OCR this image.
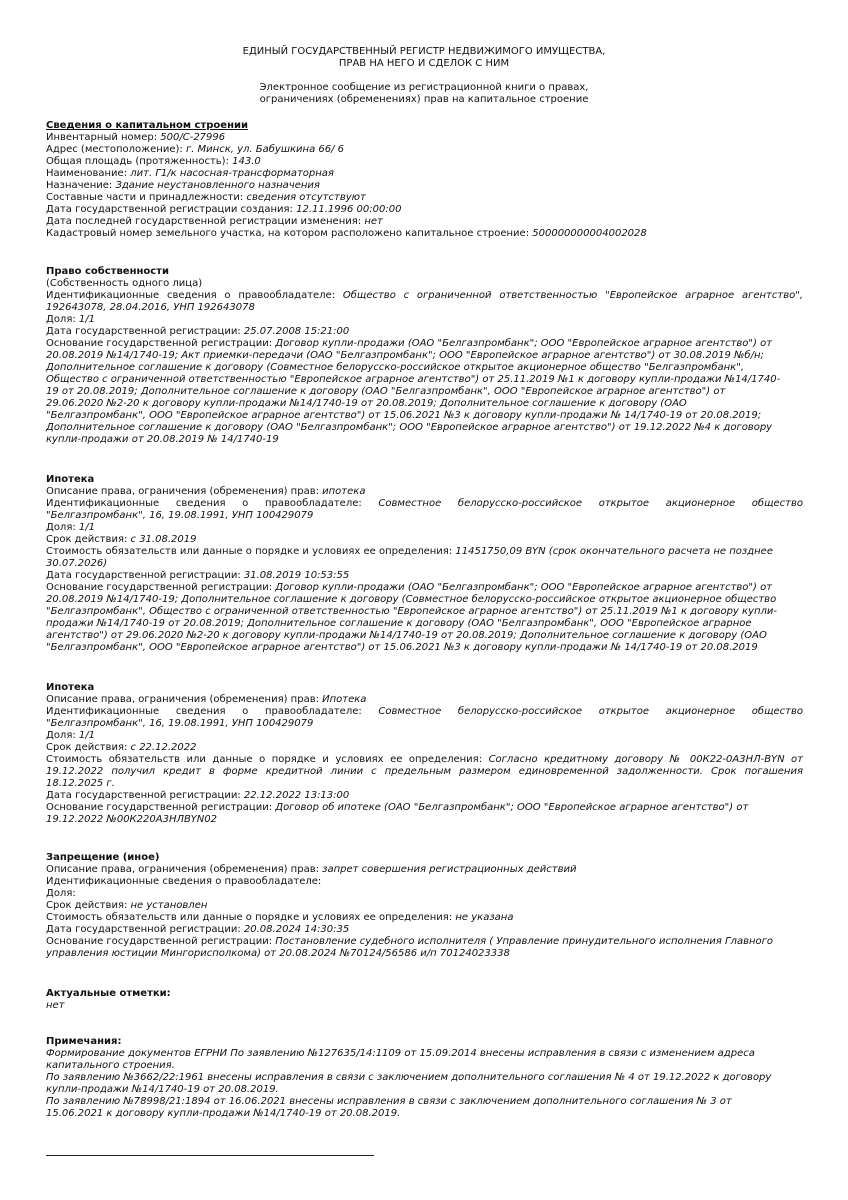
ЕДИНЫЙ ГОСУДАРСТВЕННЫЙ РЕГИСТР НЕДВИЖИМОГО ИМУЩЕСТВА,
ПРАВ НА НЕГО И СДЕЛОК С НИМ
Электронное сообщение из регистрационной книги о правах,
ограничениях (обременениях) прав на капитальное строение
Сведения о капитальном строении
Инвентарный номер: 500/C-27996
Адрес (местоположение): г. Минск, ул. Бабушкина 66/ 6
Общая площадь (протяженность): 143.0
Наименование: лит. Г1/к насосная-трансформаторная
Назначение: Здание неустановленного назначения
Составные части и принадлежности: сведения отсутствуют
Дата государственной регистрации создания: 12.11.1996 00:00:00
Дата последней государственной регистрации изменения: нет
Кадастровый номер земельного участка, на котором расположено капитальное строение: 500000000004002028
Право собственности
(Собственность одного лица)
Идентификационные сведения о правообладателе: Общество с ограниченной ответственностью "Европейское аграрное агентство",
192643078, 28.04.2016, УНП 192643078
Доля: 1/1
Дата государственной регистрации: 25.07.2008 15:21:00
Основание государственной регистрации: Договор купли-продажи (ОАО "Белгазпромбанк"; ООО "Европейское аграрное агентство") от
20.08.2019 №14/1740-19; Акт приемки-передачи (ОАО "Белгазпромбанк"; ООО "Европейское аграрное агентство") от 30.08.2019 №б/н;
Дополнительное соглашение к договору (Совместное белорусско-российское открытое акционерное общество "Белгазпромбанк",
Общество с ограниченной ответственностью "Европейское аграрное агентство") от 25.11.2019 №1 к договору купли-продажи №14/1740-
19 от 20.08.2019; Дополнительное соглашение к договору (ОАО "Белгазпромбанк", ООО "Европейское аграрное агентство") от
29.06.2020 №2-20 к договору купли-продажи №14/1740-19 от 20.08.2019; Дополнительное соглашение к договору (ОАО
"Белгазпромбанк", ООО "Европейское аграрное агентство") от 15.06.2021 №3 к договору купли-продажи № 14/1740-19 от 20.08.2019;
Дополнительное соглашение к договору (ОАО "Белгазпромбанк"; ООО "Европейское аграрное агентство") от 19.12.2022 №4 к договору
купли-продажи от 20.08.2019 № 14/1740-19
Ипотека
Описание права, ограничения (обременения) прав: ипотека
Идентификационные сведения о правообладателе: Совместное белорусско-российское открытое акционерное общество
"Белгазпромбанк", 16, 19.08.1991, УНП 100429079
Доля: 1/1
Срок действия: с 31.08.2019
Стоимость обязательств или данные о порядке и условиях ее определения: 11451750,09 BYN (срок окончательного расчета не позднее
30.07.2026)
Дата государственной регистрации: 31.08.2019 10:53:55
Основание государственной регистрации: Договор купли-продажи (ОАО "Белгазпромбанк"; ООО "Европейское аграрное агентство") от
20.08.2019 №14/1740-19; Дополнительное соглашение к договору (Совместное белорусско-российское открытое акционерное общество
"Белгазпромбанк", Общество с ограниченной ответственностью "Европейское аграрное агентство") от 25.11.2019 №1 к договору купли-
продажи №14/1740-19 от 20.08.2019; Дополнительное соглашение к договору (ОАО "Белгазпромбанк", ООО "Европейское аграрное
агентство") от 29.06.2020 №2-20 к договору купли-продажи №14/1740-19 от 20.08.2019; Дополнительное соглашение к договору (ОАО
"Белгазпромбанк", ООО "Европейское аграрное агентство") от 15.06.2021 №3 к договору купли-продажи № 14/1740-19 от 20.08.2019
Ипотека
Описание права, ограничения (обременения) прав: Ипотека
Идентификационные сведения о правообладателе: Совместное белорусско-российское открытое акционерное общество
"Белгазпромбанк", 16, 19.08.1991, УНП 100429079
Доля: 1/1
Срок действия: с 22.12.2022
Стоимость обязательств или данные о порядке и условиях ее определения: Согласно кредитному договору № 00К22-0А3НЛ-BYN от
19.12.2022 получил кредит в форме кредитной линии с предельным размером единовременной задолженности. Срок погашения
18.12.2025 г.
Дата государственной регистрации: 22.12.2022 13:13:00
Основание государственной регистрации: Договор об ипотеке (ОАО "Белгазпромбанк"; ООО "Европейское аграрное агентство") от
19.12.2022 №00К220А3НЛBYN02
Запрещение (иное)
Описание права, ограничения (обременения) прав: запрет совершения регистрационных действий
Идентификационные сведения о правообладателе:
Доля:
Срок действия: не установлен
Стоимость обязательств или данные о порядке и условиях ее определения: не указана
Дата государственной регистрации: 20.08.2024 14:30:35
Основание государственной регистрации: Постановление судебного исполнителя ( Управление принудительного исполнения Главного
управления юстиции Мингорисполкома) от 20.08.2024 №70124/56586 и/п 70124023338
Актуальные отметки:
нет
Примечания:
Формирование документов ЕГРНИ По заявлению №127635/14:1109 от 15.09.2014 внесены исправления в связи с изменением адреса
капитального строения.
По заявлению №3662/22:1961 внесены исправления в связи с заключением дополнительного соглашения № 4 от 19.12.2022 к договору
купли-продажи №14/1740-19 от 20.08.2019.
По заявлению №78998/21:1894 от 16.06.2021 внесены исправления в связи с заключением дополнительного соглашения № 3 от
15.06.2021 к договору купли-продажи №14/1740-19 от 20.08.2019.
